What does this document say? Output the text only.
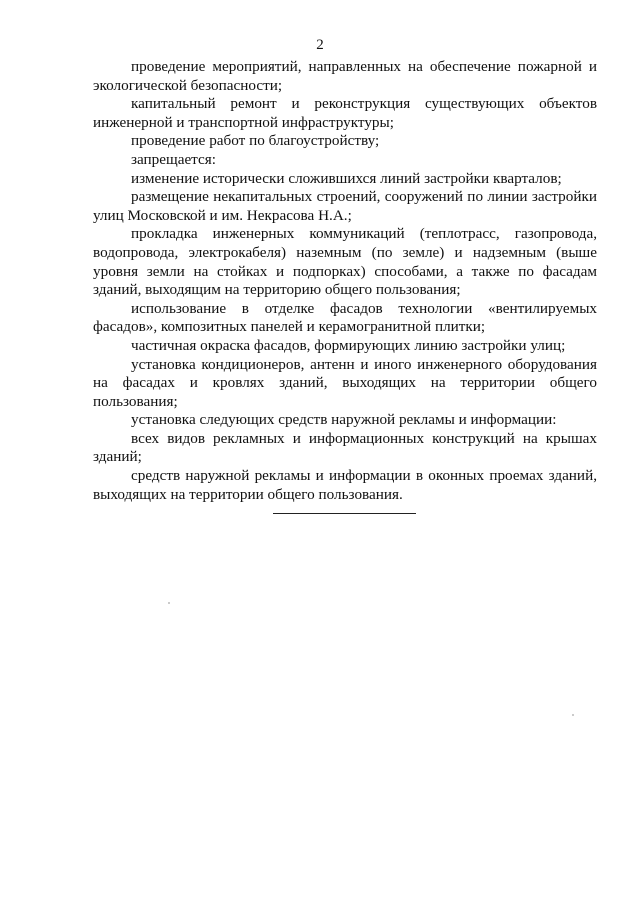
2

проведение мероприятий, направленных на обеспечение пожарной и экологической безопасности;

капитальный ремонт и реконструкция существующих объектов инженерной и транспортной инфраструктуры;

проведение работ по благоустройству;

запрещается:

изменение исторически сложившихся линий застройки кварталов;

размещение некапитальных строений, сооружений по линии застройки улиц Московской и им. Некрасова Н.А.;

прокладка инженерных коммуникаций (теплотрасс, газопровода, водопровода, электрокабеля) наземным (по земле) и надземным (выше уровня земли на стойках и подпорках) способами, а также по фасадам зданий, выходящим на территорию общего пользования;

использование в отделке фасадов технологии «вентилируемых фасадов», композитных панелей и керамогранитной плитки;

частичная окраска фасадов, формирующих линию застройки улиц;

установка кондиционеров, антенн и иного инженерного оборудования на фасадах и кровлях зданий, выходящих на территории общего пользования;

установка следующих средств наружной рекламы и информации:

всех видов рекламных и информационных конструкций на крышах зданий;

средств наружной рекламы и информации в оконных проемах зданий, выходящих на территории общего пользования.
